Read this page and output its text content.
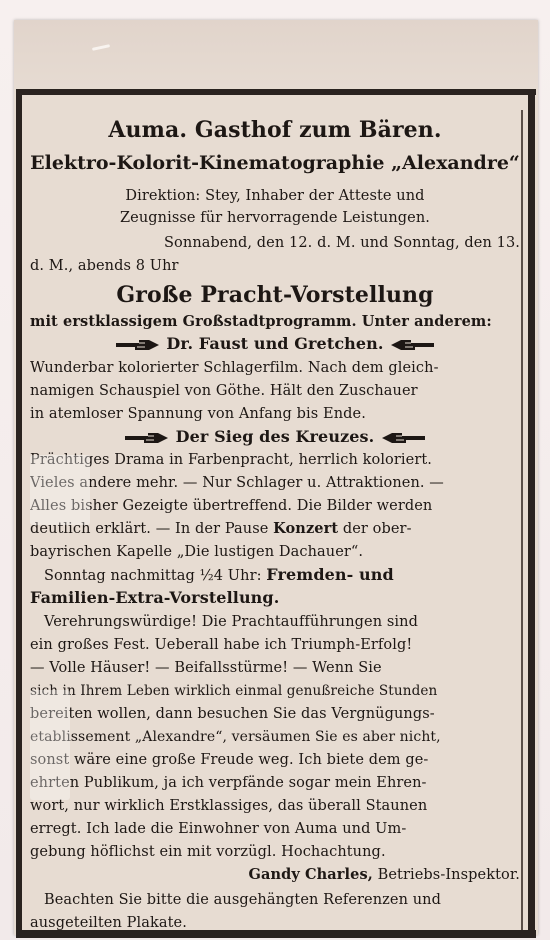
Auma. Gasthof zum Bären.
Elektro-Kolorit-Kinematographie „Alexandre“
Direktion: Stey, Inhaber der Atteste und
Zeugnisse für hervorragende Leistungen.
Sonnabend, den 12. d. M. und Sonntag, den 13.
d. M., abends 8 Uhr
Große Pracht-Vorstellung
mit erstklassigem Großstadtprogramm. Unter anderem:
Dr. Faust und Gretchen.
Wunderbar kolorierter Schlagerfilm. Nach dem gleich-
namigen Schauspiel von Göthe. Hält den Zuschauer
in atemloser Spannung von Anfang bis Ende.
Der Sieg des Kreuzes.
Prächtiges Drama in Farbenpracht, herrlich koloriert.
Vieles andere mehr. — Nur Schlager u. Attraktionen. —
Alles bisher Gezeigte übertreffend. Die Bilder werden
deutlich erklärt. — In der Pause Konzert der ober-
bayrischen Kapelle „Die lustigen Dachauer“.
Sonntag nachmittag ½4 Uhr: Fremden- und
Familien-Extra-Vorstellung.
Verehrungswürdige! Die Prachtaufführungen sind
ein großes Fest. Ueberall habe ich Triumph-Erfolg!
— Volle Häuser! — Beifallsstürme! — Wenn Sie
sich in Ihrem Leben wirklich einmal genußreiche Stunden
bereiten wollen, dann besuchen Sie das Vergnügungs-
etablissement „Alexandre“, versäumen Sie es aber nicht,
sonst wäre eine große Freude weg. Ich biete dem ge-
ehrten Publikum, ja ich verpfände sogar mein Ehren-
wort, nur wirklich Erstklassiges, das überall Staunen
erregt. Ich lade die Einwohner von Auma und Um-
gebung höflichst ein mit vorzügl. Hochachtung.
Gandy Charles, Betriebs-Inspektor.
Beachten Sie bitte die ausgehängten Referenzen und
ausgeteilten Plakate.
